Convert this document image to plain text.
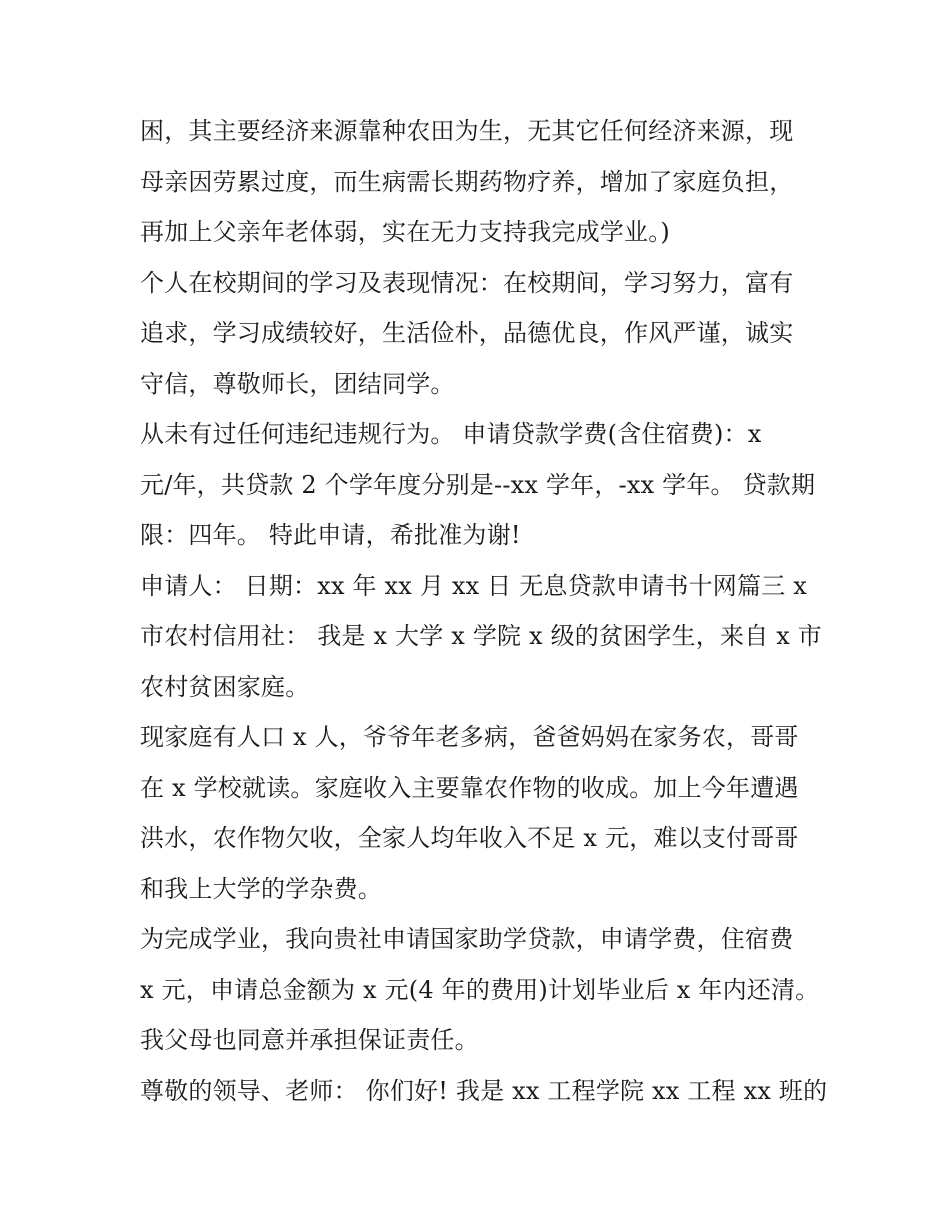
困，其主要经济来源靠种农田为生，无其它任何经济来源，现
母亲因劳累过度，而生病需长期药物疗养，增加了家庭负担，
再加上父亲年老体弱，实在无力支持我完成学业。)
个人在校期间的学习及表现情况：在校期间，学习努力，富有
追求，学习成绩较好，生活俭朴，品德优良，作风严谨，诚实
守信，尊敬师长，团结同学。
从未有过任何违纪违规行为。 申请贷款学费(含住宿费)：x
元/年，共贷款 2 个学年度分别是--xx 学年，-xx 学年。 贷款期
限：四年。 特此申请，希批准为谢!
申请人： 日期：xx 年 xx 月 xx 日 无息贷款申请书十网篇三 x
市农村信用社： 我是 x 大学 x 学院 x 级的贫困学生，来自 x 市
农村贫困家庭。
现家庭有人口 x 人，爷爷年老多病，爸爸妈妈在家务农，哥哥
在 x 学校就读。家庭收入主要靠农作物的收成。加上今年遭遇
洪水，农作物欠收，全家人均年收入不足 x 元，难以支付哥哥
和我上大学的学杂费。
为完成学业，我向贵社申请国家助学贷款，申请学费，住宿费
x 元，申请总金额为 x 元(4 年的费用)计划毕业后 x 年内还清。
我父母也同意并承担保证责任。
尊敬的领导、老师： 你们好! 我是 xx 工程学院 xx 工程 xx 班的
